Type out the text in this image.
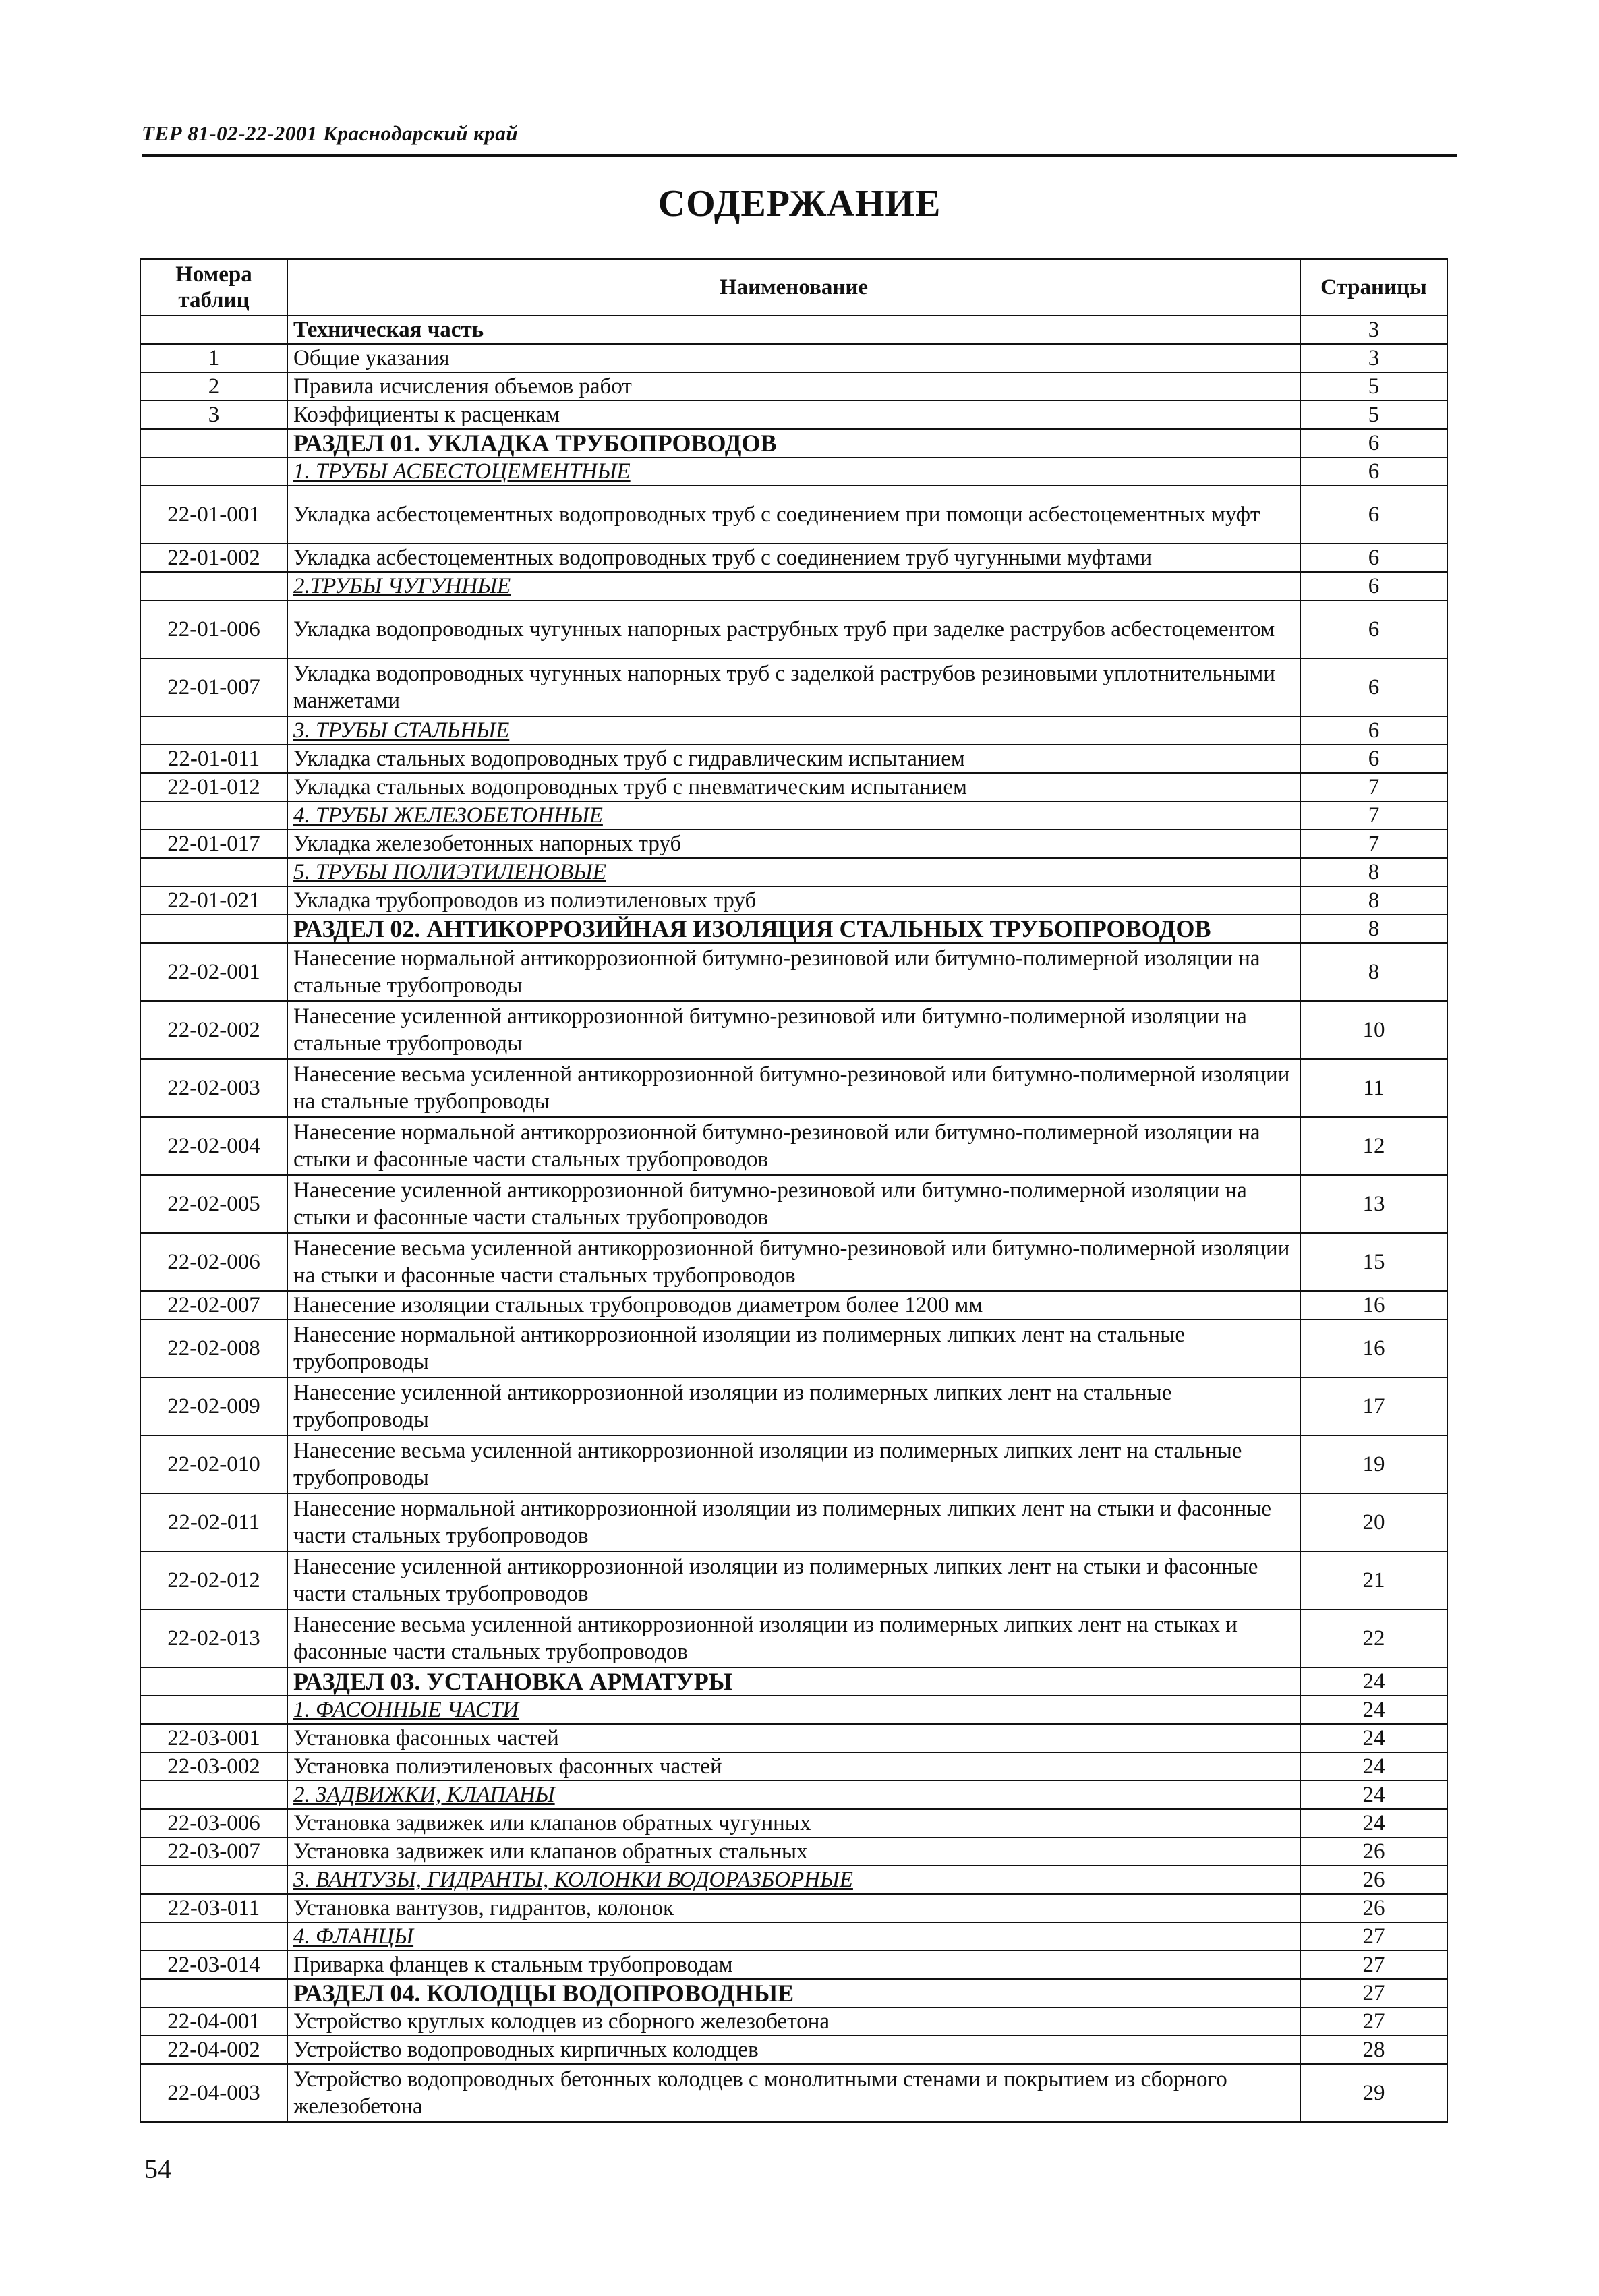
ТЕР 81-02-22-2001 Краснодарский край
СОДЕРЖАНИЕ
Номера таблиц	Наименование	Страницы
	Техническая часть	3
1	Общие указания	3
2	Правила исчисления объемов работ	5
3	Коэффициенты к расценкам	5
	РАЗДЕЛ 01. УКЛАДКА ТРУБОПРОВОДОВ	6
	1. ТРУБЫ АСБЕСТОЦЕМЕНТНЫЕ	6
22-01-001	Укладка асбестоцементных водопроводных труб с соединением при помощи асбестоцементных муфт	6
22-01-002	Укладка асбестоцементных водопроводных труб с соединением труб чугунными муфтами	6
	2.ТРУБЫ ЧУГУННЫЕ	6
22-01-006	Укладка водопроводных чугунных напорных раструбных труб при заделке раструбов асбестоцементом	6
22-01-007	Укладка водопроводных чугунных напорных труб с заделкой раструбов резиновыми уплотнительными манжетами	6
	3. ТРУБЫ СТАЛЬНЫЕ	6
22-01-011	Укладка стальных водопроводных труб с гидравлическим испытанием	6
22-01-012	Укладка стальных водопроводных труб с пневматическим испытанием	7
	4. ТРУБЫ ЖЕЛЕЗОБЕТОННЫЕ	7
22-01-017	Укладка железобетонных напорных труб	7
	5. ТРУБЫ ПОЛИЭТИЛЕНОВЫЕ	8
22-01-021	Укладка трубопроводов из полиэтиленовых труб	8
	РАЗДЕЛ 02. АНТИКОРРОЗИЙНАЯ ИЗОЛЯЦИЯ СТАЛЬНЫХ ТРУБОПРОВОДОВ	8
22-02-001	Нанесение нормальной антикоррозионной битумно-резиновой или битумно-полимерной изоляции на стальные трубопроводы	8
22-02-002	Нанесение усиленной антикоррозионной битумно-резиновой или битумно-полимерной изоляции на стальные трубопроводы	10
22-02-003	Нанесение весьма усиленной антикоррозионной битумно-резиновой или битумно-полимерной изоляции на стальные трубопроводы	11
22-02-004	Нанесение нормальной антикоррозионной битумно-резиновой или битумно-полимерной изоляции на стыки и фасонные части стальных трубопроводов	12
22-02-005	Нанесение усиленной антикоррозионной битумно-резиновой или битумно-полимерной изоляции на стыки и фасонные части стальных трубопроводов	13
22-02-006	Нанесение весьма усиленной антикоррозионной битумно-резиновой или битумно-полимерной изоляции на стыки и фасонные части стальных трубопроводов	15
22-02-007	Нанесение изоляции стальных трубопроводов диаметром более 1200 мм	16
22-02-008	Нанесение нормальной антикоррозионной изоляции из полимерных липких лент на стальные трубопроводы	16
22-02-009	Нанесение усиленной антикоррозионной изоляции из полимерных липких лент на стальные трубопроводы	17
22-02-010	Нанесение весьма усиленной антикоррозионной изоляции из полимерных липких лент на стальные трубопроводы	19
22-02-011	Нанесение нормальной антикоррозионной изоляции из полимерных липких лент на стыки и фасонные части стальных трубопроводов	20
22-02-012	Нанесение усиленной антикоррозионной изоляции из полимерных липких лент на стыки и фасонные части стальных трубопроводов	21
22-02-013	Нанесение весьма усиленной антикоррозионной изоляции из полимерных липких лент на стыках и фасонные части стальных трубопроводов	22
	РАЗДЕЛ 03. УСТАНОВКА АРМАТУРЫ	24
	1. ФАСОННЫЕ ЧАСТИ	24
22-03-001	Установка фасонных частей	24
22-03-002	Установка полиэтиленовых фасонных частей	24
	2. ЗАДВИЖКИ, КЛАПАНЫ	24
22-03-006	Установка задвижек или клапанов обратных чугунных	24
22-03-007	Установка задвижек или клапанов обратных стальных	26
	3. ВАНТУЗЫ, ГИДРАНТЫ, КОЛОНКИ ВОДОРАЗБОРНЫЕ	26
22-03-011	Установка вантузов, гидрантов, колонок	26
	4. ФЛАНЦЫ	27
22-03-014	Приварка фланцев к стальным трубопроводам	27
	РАЗДЕЛ 04. КОЛОДЦЫ ВОДОПРОВОДНЫЕ	27
22-04-001	Устройство круглых колодцев из сборного железобетона	27
22-04-002	Устройство водопроводных кирпичных колодцев	28
22-04-003	Устройство водопроводных бетонных колодцев с монолитными стенами и покрытием из сборного железобетона	29
54
